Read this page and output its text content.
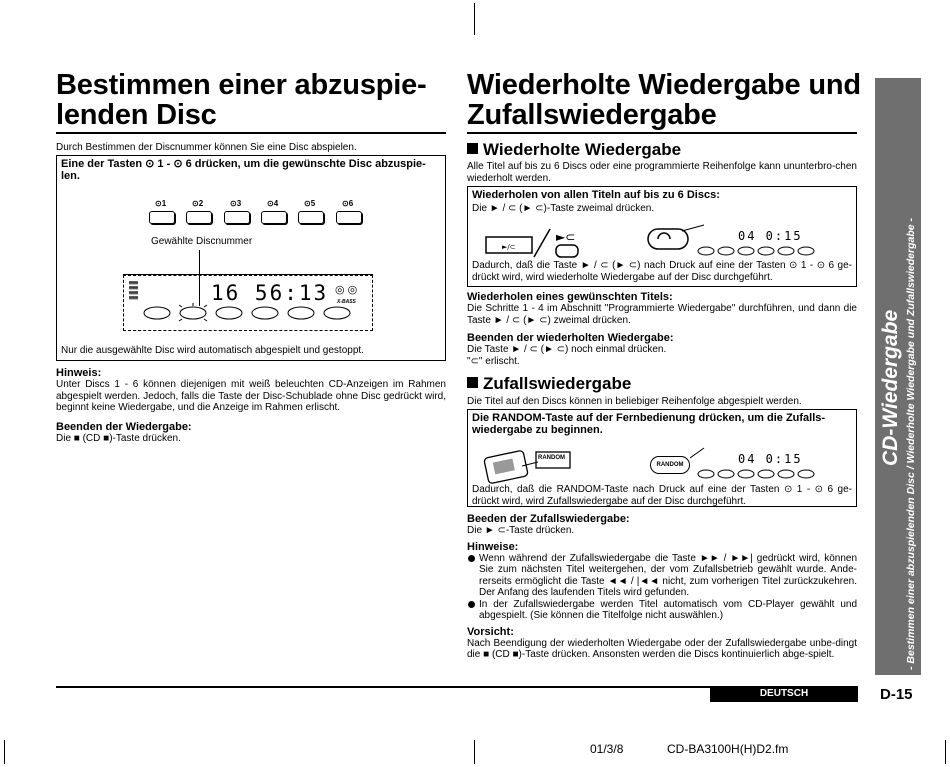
Bestimmen einer abzuspie-
lenden Disc

Durch Bestimmen der Discnummer können Sie eine Disc abspielen.

Eine der Tasten ⊙ 1 - ⊙ 6 drücken, um die gewünschte Disc abzuspie-len.
⊙1	⊙2	⊙3	⊙4	⊙5	⊙6
Gewählte Discnummer
▦▦▦
▦▦▦
▦▦▦
▦▦▦	16 56:13 ◎ ◎
X-BASS
Nur die ausgewählte Disc wird automatisch abgespielt und gestoppt.

Hinweis:

Unter Discs 1 - 6 können diejenigen mit weiß beleuchten CD-Anzeigen im Rahmen abgespielt werden. Jedoch, falls die Taste der Disc-Schublade ohne Disc gedrückt wird, beginnt keine Wiedergabe, und die Anzeige im Rahmen erlischt.

Beenden der Wiedergabe:

Die ■ (CD ■)-Taste drücken.

Wiederholte Wiedergabe und
Zufallswiedergabe
Wiederholte Wiedergabe

Alle Titel auf bis zu 6 Discs oder eine programmierte Reihenfolge kann ununterbro-chen wiederholt werden.

Wiederholen von allen Titeln auf bis zu 6 Discs:
Die ► / ⊂ (► ⊂)-Taste zweimal drücken.
►/⊂
►⊂	04 0:15
Dadurch, daß die Taste ► / ⊂ (► ⊂) nach Druck auf eine der Tasten ⊙ 1 - ⊙ 6 ge-drückt wird, wird wiederholte Wiedergabe auf der Disc durchgeführt.

Wiederholen eines gewünschten Titels:

Die Schritte 1 - 4 im Abschnitt "Programmierte Wiedergabe" durchführen, und dann die Taste ► / ⊂ (► ⊂) zweimal drücken.

Beenden der wiederholten Wiedergabe:

Die Taste ► / ⊂ (► ⊂) noch einmal drücken.

"⊂" erlischt.

Zufallswiedergabe

Die Titel auf den Discs können in beliebiger Reihenfolge abgespielt werden.

Die RANDOM-Taste auf der Fernbedienung drücken, um die Zufalls-wiedergabe zu beginnen.
RANDOM
RANDOM	04 0:15
Dadurch, daß die RANDOM-Taste nach Druck auf eine der Tasten ⊙ 1 - ⊙ 6 ge-drückt wird, wird Zufallswiedergabe auf der Disc durchgeführt.

Beeden der Zufallswiedergabe:

Die ► ⊂-Taste drücken.

Hinweise:

Wenn während der Zufallswiedergabe die Taste ►► / ►►| gedrückt wird, können Sie zum nächsten Titel weitergehen, der vom Zufallsbetrieb gewählt wurde. Ande-rerseits ermöglicht die Taste ◄◄ / |◄◄ nicht, zum vorherigen Titel zurückzukehren. Der Anfang des laufenden Titels wird gefunden.

In der Zufallswiedergabe werden Titel automatisch vom CD-Player gewählt und abgespielt. (Sie können die Titelfolge nicht auswählen.)

Vorsicht:

Nach Beendigung der wiederholten Wiedergabe oder der Zufallswiedergabe unbe-dingt die ■ (CD ■)-Taste drücken. Ansonsten werden die Discs kontinuierlich abge-spielt.

CD-Wiedergabe - Bestimmen einer abzuspielenden Disc / Wiederholte Wiedergabe und Zufallswiedergabe -
DEUTSCH	D-15
01/3/8	CD-BA3100H(H)D2.fm
